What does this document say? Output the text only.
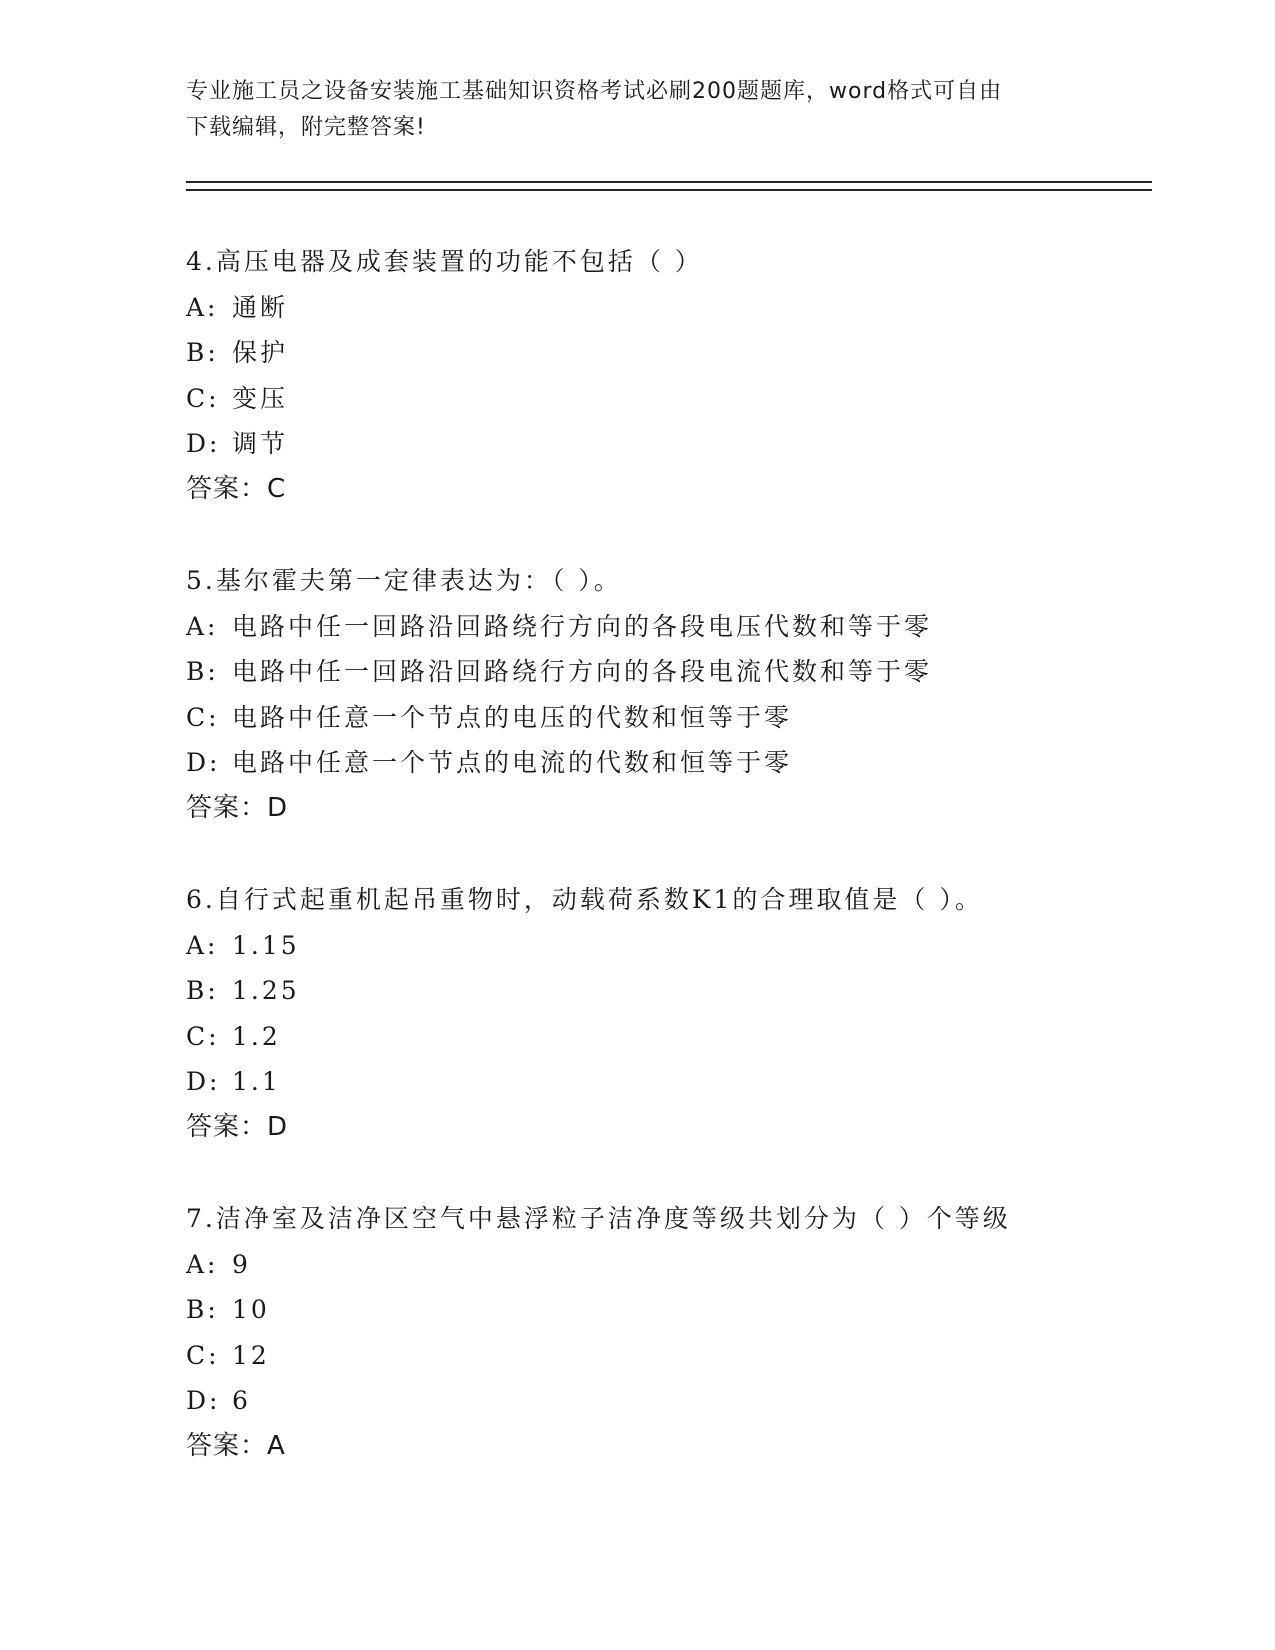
专业施工员之设备安装施工基础知识资格考试必刷200题题库，word格式可自由
下载编辑，附完整答案!
4.高压电器及成套装置的功能不包括（ ）
A: 通断
B: 保护
C: 变压
D: 调节
答案：C
5.基尔霍夫第一定律表达为：（ ）。
A: 电路中任一回路沿回路绕行方向的各段电压代数和等于零
B: 电路中任一回路沿回路绕行方向的各段电流代数和等于零
C: 电路中任意一个节点的电压的代数和恒等于零
D: 电路中任意一个节点的电流的代数和恒等于零
答案：D
6.自行式起重机起吊重物时，动载荷系数K1的合理取值是（ ）。
A: 1.15
B: 1.25
C: 1.2
D: 1.1
答案：D
7.洁净室及洁净区空气中悬浮粒子洁净度等级共划分为（ ）个等级
A: 9
B: 10
C: 12
D: 6
答案：A
